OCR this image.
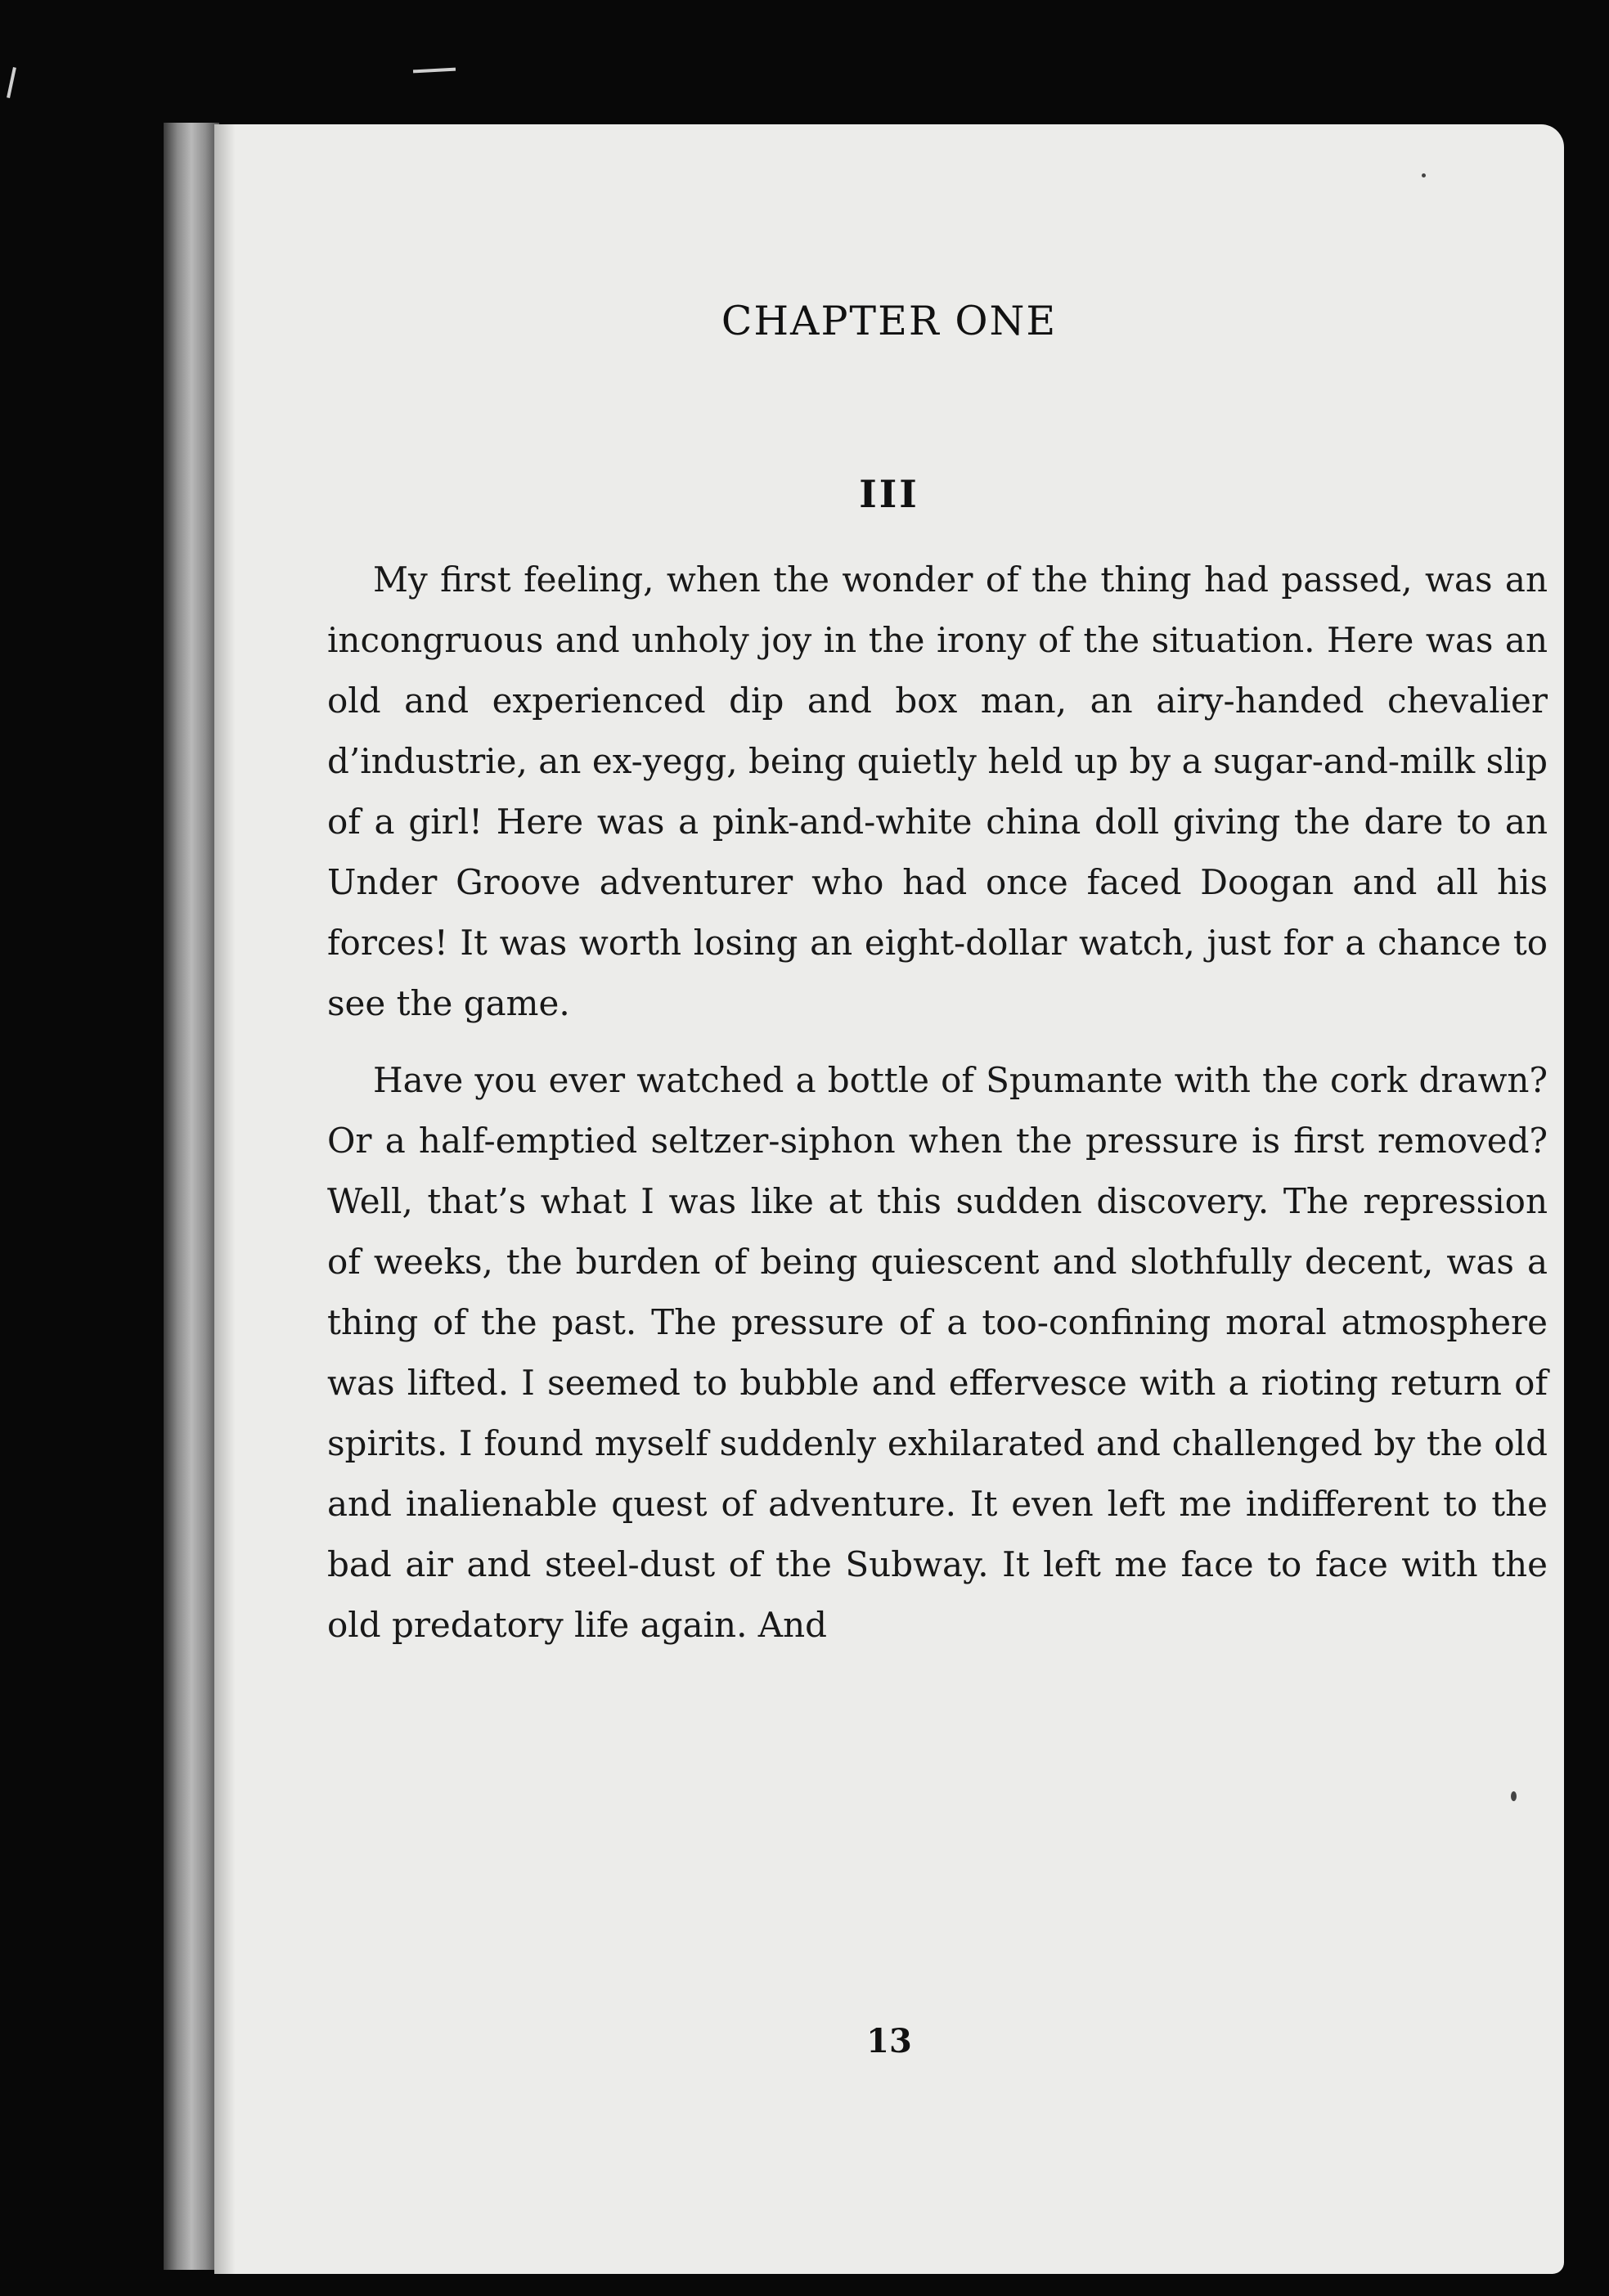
CHAPTER ONE
III

My first feeling, when the wonder of the thing had passed, was an incongruous and unholy joy in the irony of the situation. Here was an old and experienced dip and box man, an airy-handed chevalier d’industrie, an ex-yegg, being quietly held up by a sugar-and-milk slip of a girl! Here was a pink-and-white china doll giving the dare to an Under Groove adventurer who had once faced Doogan and all his forces! It was worth losing an eight-dollar watch, just for a chance to see the game.

Have you ever watched a bottle of Spumante with the cork drawn? Or a half-emptied seltzer-siphon when the pressure is first removed? Well, that’s what I was like at this sudden discovery. The repression of weeks, the burden of being quiescent and slothfully decent, was a thing of the past. The pressure of a too-confining moral atmosphere was lifted. I seemed to bubble and effervesce with a rioting return of spirits. I found myself suddenly exhilarated and challenged by the old and inalienable quest of adventure. It even left me indifferent to the bad air and steel-dust of the Subway. It left me face to face with the old predatory life again. And

13
